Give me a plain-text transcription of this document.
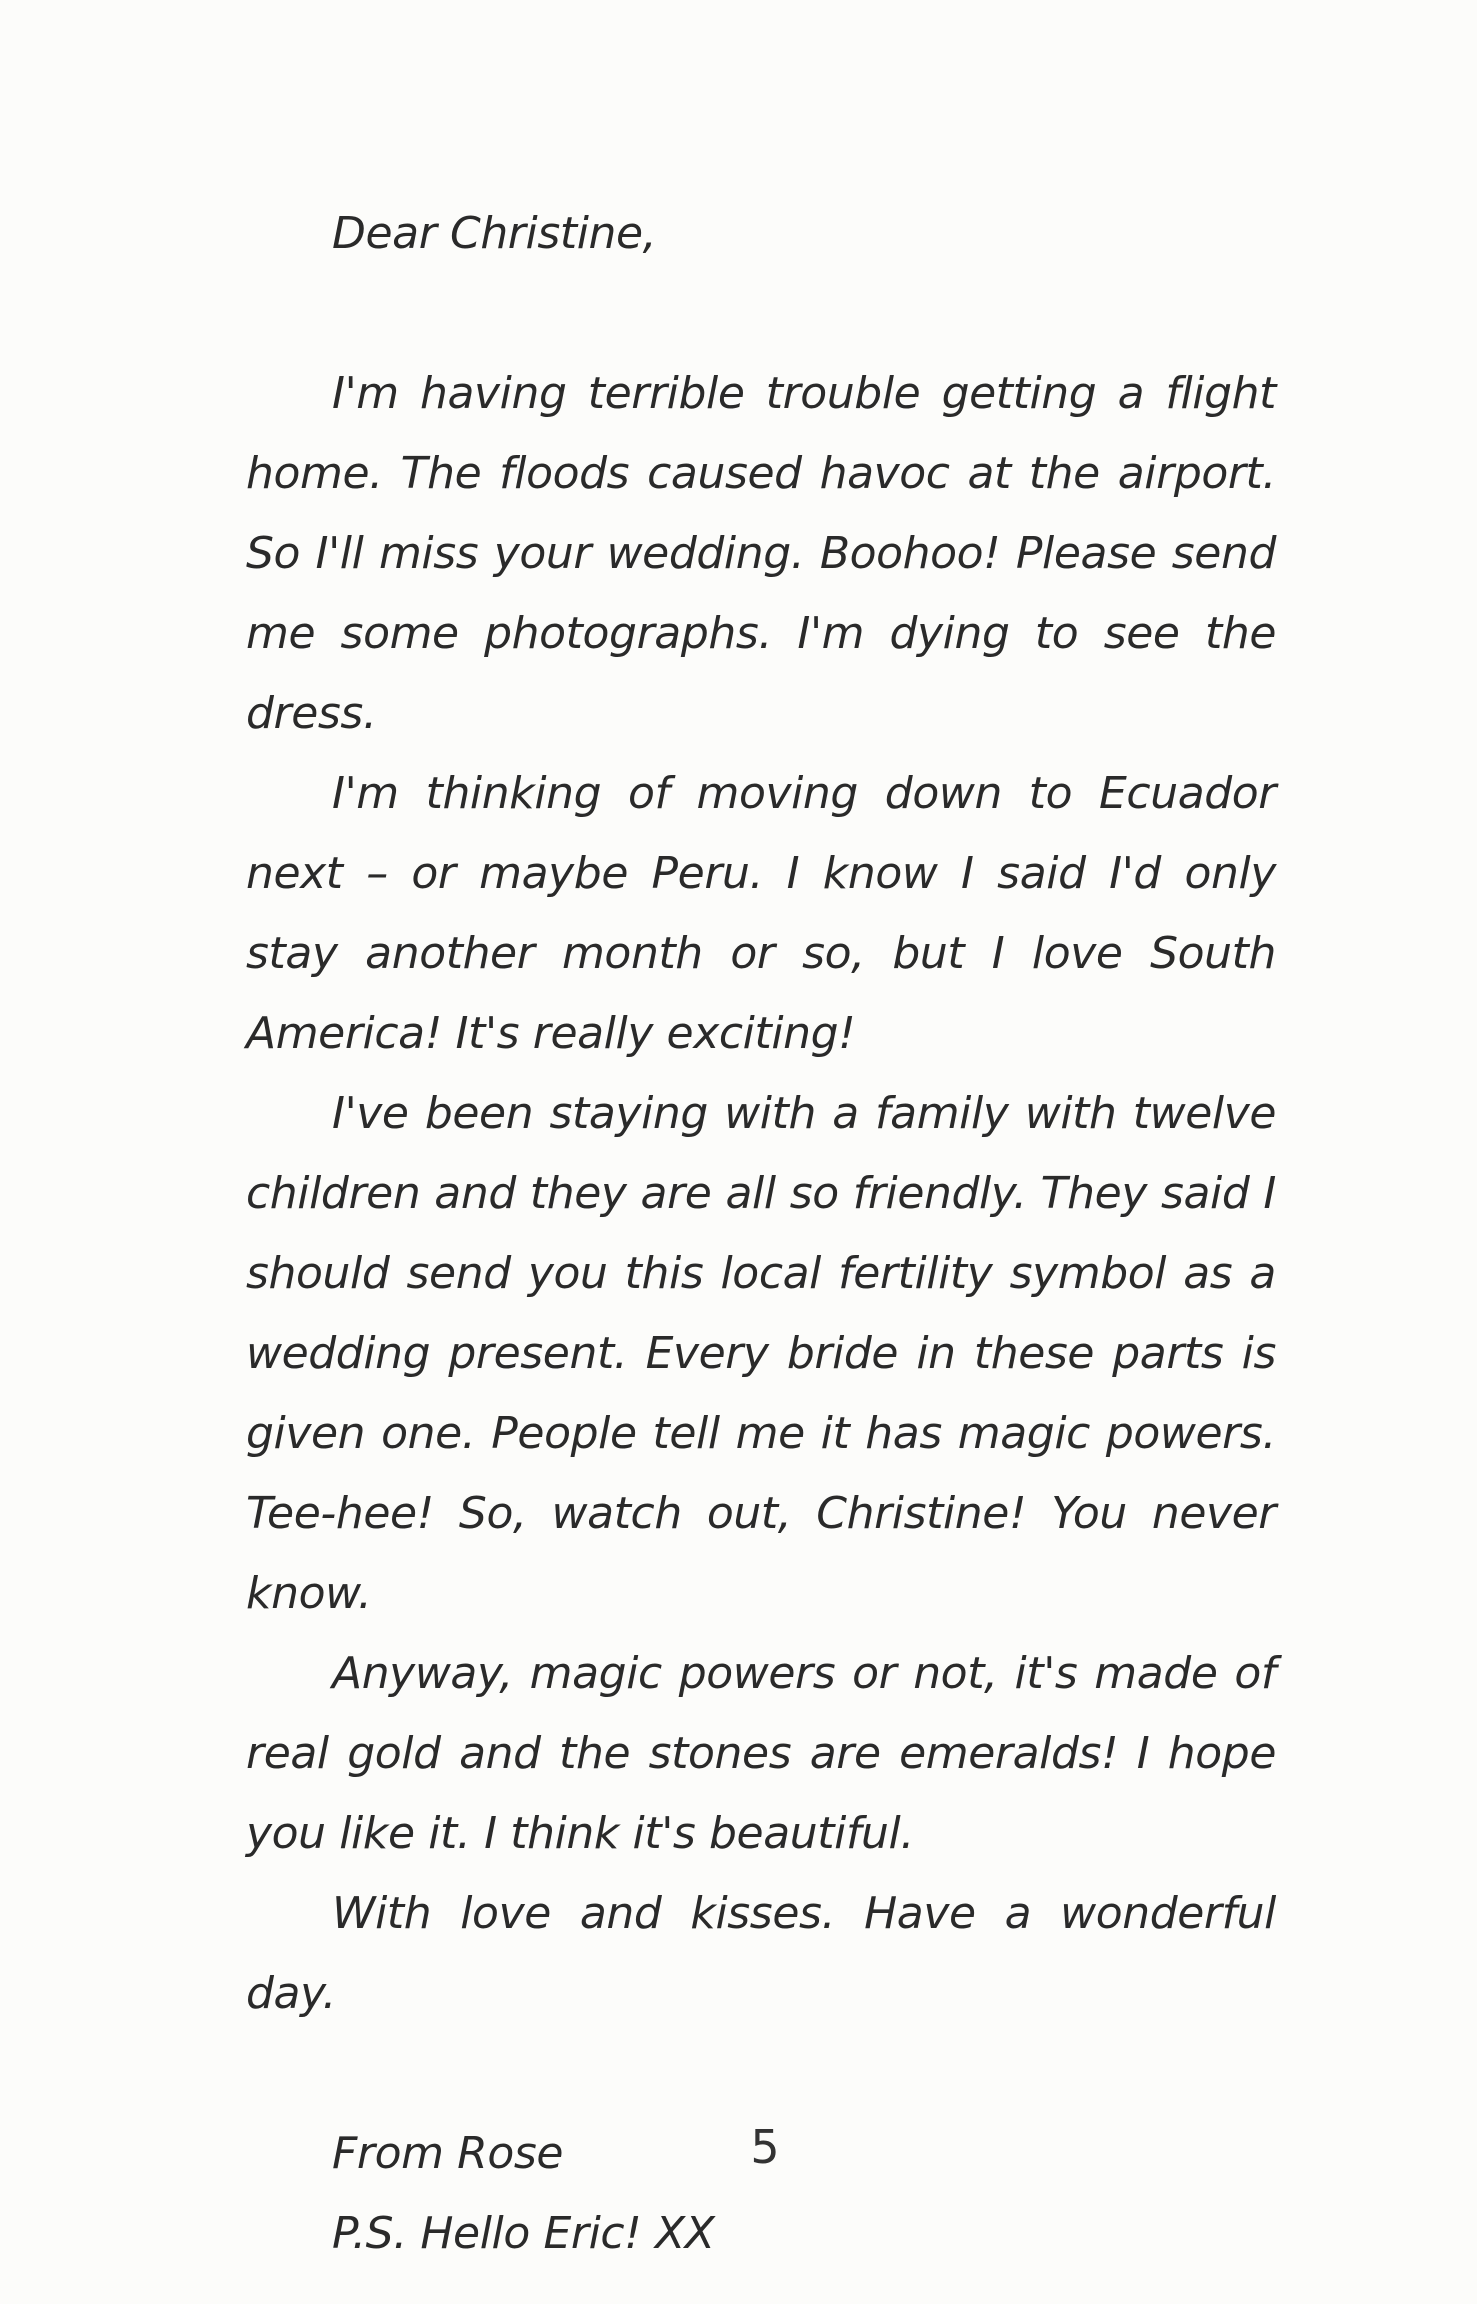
Dear Christine,

I'm having terrible trouble getting a flight home. The floods caused havoc at the airport. So I'll miss your wedding. Boohoo! Please send me some photographs. I'm dying to see the dress.

I'm thinking of moving down to Ecuador next – or maybe Peru. I know I said I'd only stay another month or so, but I love South America! It's really exciting!

I've been staying with a family with twelve children and they are all so friendly. They said I should send you this local fertility symbol as a wedding present. Every bride in these parts is given one. People tell me it has magic powers. Tee-hee! So, watch out, Christine! You never know.

Anyway, magic powers or not, it's made of real gold and the stones are emeralds! I hope you like it. I think it's beautiful.

With love and kisses. Have a wonderful day.

From Rose

P.S. Hello Eric! XX

5
